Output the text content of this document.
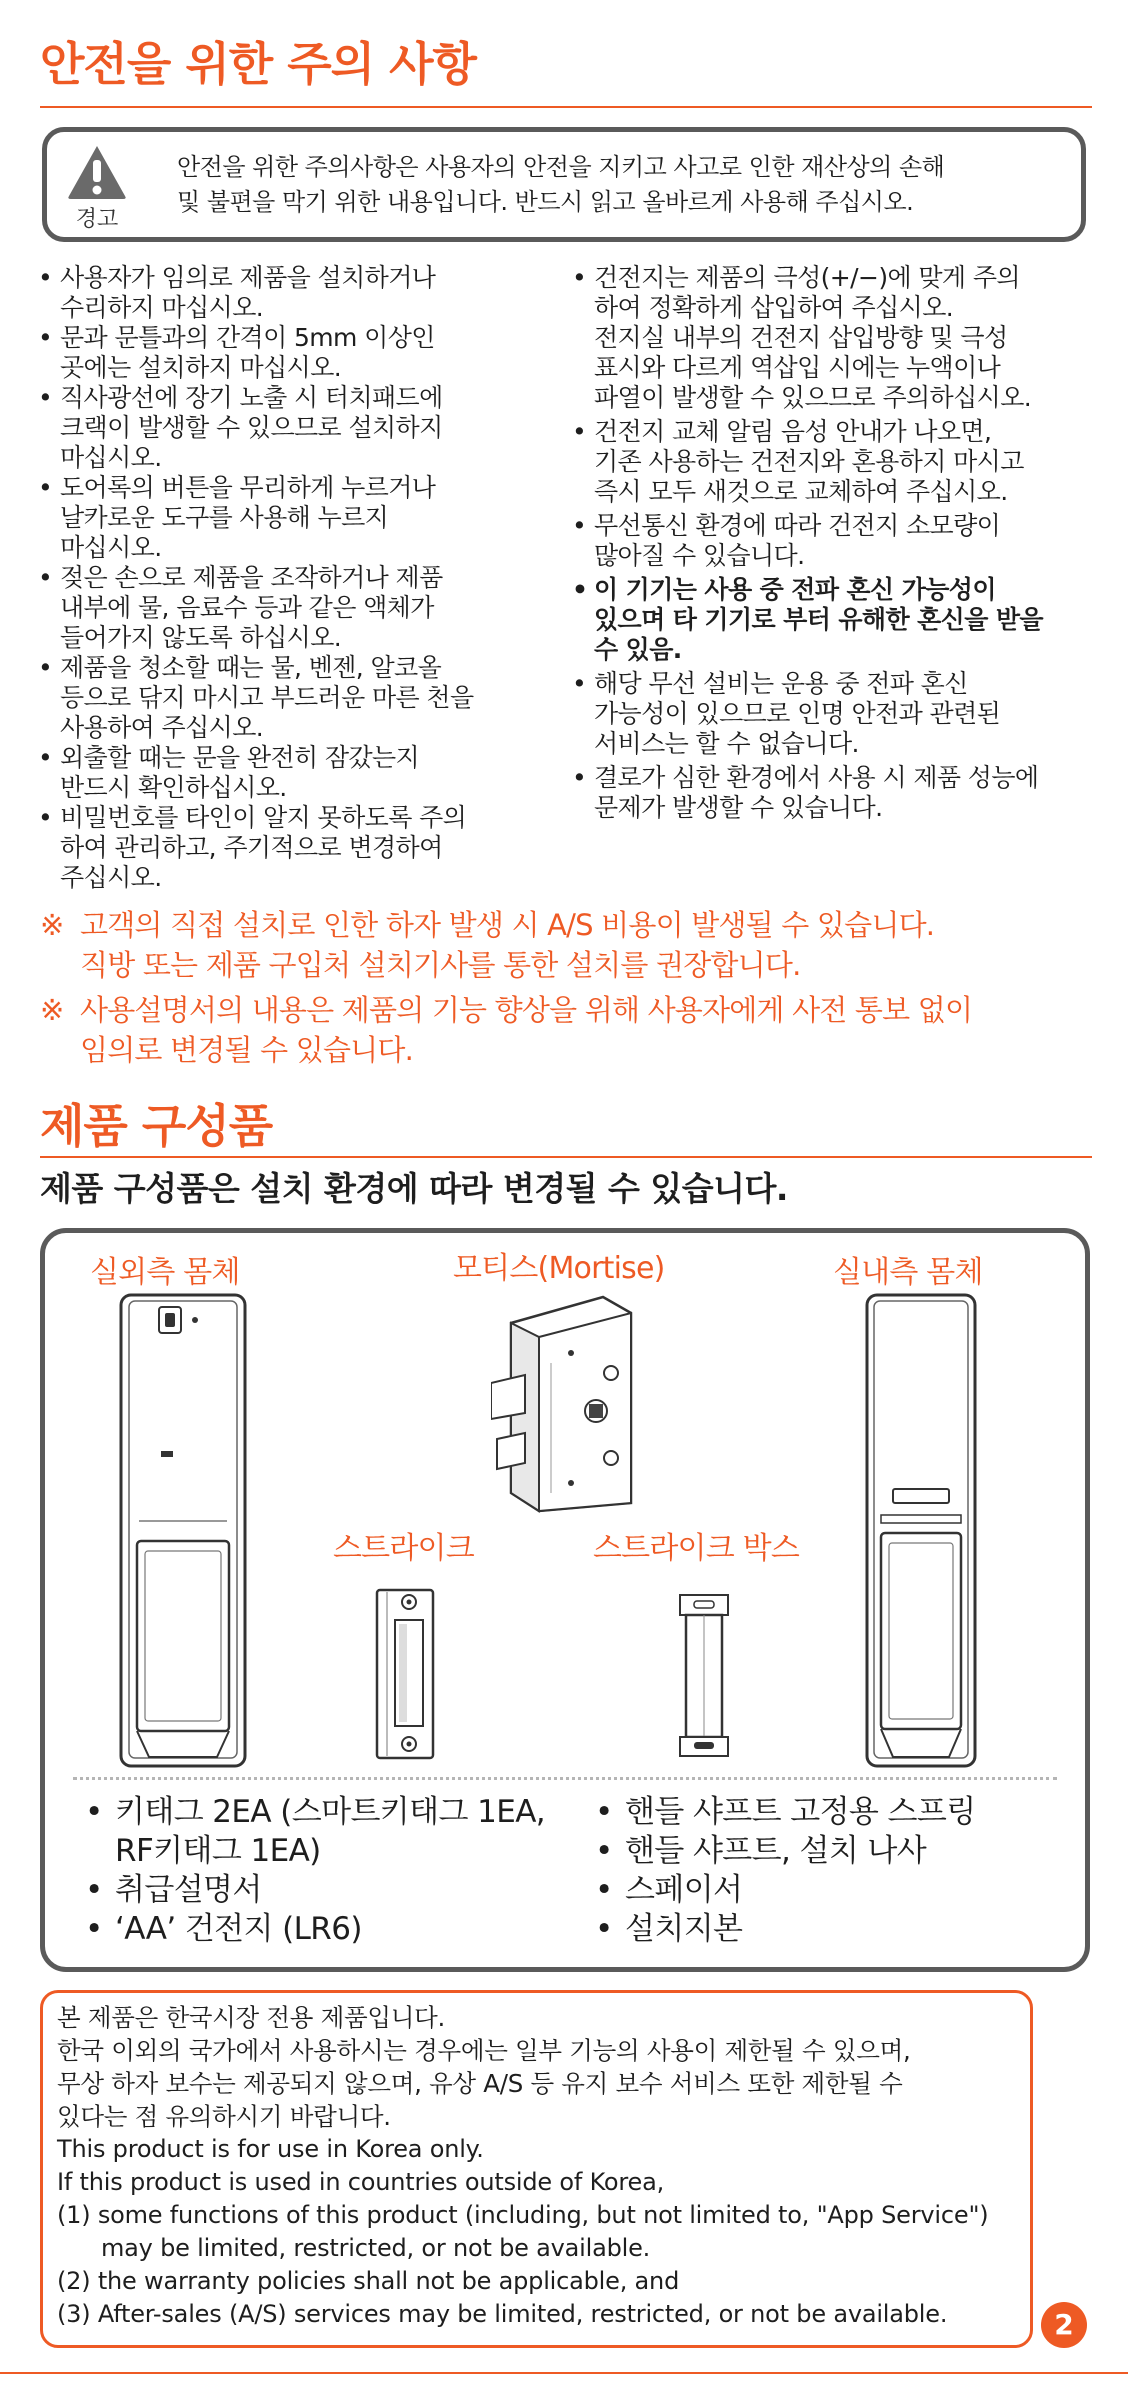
안전을 위한 주의 사항
경고
안전을 위한 주의사항은 사용자의 안전을 지키고 사고로 인한 재산상의 손해
및 불편을 막기 위한 내용입니다. 반드시 읽고 올바르게 사용해 주십시오.
• 사용자가 임의로 제품을 설치하거나
수리하지 마십시오.
• 문과 문틀과의 간격이 5mm 이상인
곳에는 설치하지 마십시오.
• 직사광선에 장기 노출 시 터치패드에
크랙이 발생할 수 있으므로 설치하지
마십시오.
• 도어록의 버튼을 무리하게 누르거나
날카로운 도구를 사용해 누르지
마십시오.
• 젖은 손으로 제품을 조작하거나 제품
내부에 물, 음료수 등과 같은 액체가
들어가지 않도록 하십시오.
• 제품을 청소할 때는 물, 벤젠, 알코올
등으로 닦지 마시고 부드러운 마른 천을
사용하여 주십시오.
• 외출할 때는 문을 완전히 잠갔는지
반드시 확인하십시오.
• 비밀번호를 타인이 알지 못하도록 주의
하여 관리하고, 주기적으로 변경하여
주십시오.
• 건전지는 제품의 극성(+/−)에 맞게 주의
하여 정확하게 삽입하여 주십시오.
전지실 내부의 건전지 삽입방향 및 극성
표시와 다르게 역삽입 시에는 누액이나
파열이 발생할 수 있으므로 주의하십시오.
• 건전지 교체 알림 음성 안내가 나오면,
기존 사용하는 건전지와 혼용하지 마시고
즉시 모두 새것으로 교체하여 주십시오.
• 무선통신 환경에 따라 건전지 소모량이
많아질 수 있습니다.
• 이 기기는 사용 중 전파 혼신 가능성이
있으며 타 기기로 부터 유해한 혼신을 받을
수 있음.
• 해당 무선 설비는 운용 중 전파 혼신
가능성이 있으므로 인명 안전과 관련된
서비스는 할 수 없습니다.
• 결로가 심한 환경에서 사용 시 제품 성능에
문제가 발생할 수 있습니다.
※ 고객의 직접 설치로 인한 하자 발생 시 A/S 비용이 발생될 수 있습니다.
직방 또는 제품 구입처 설치기사를 통한 설치를 권장합니다.
※ 사용설명서의 내용은 제품의 기능 향상을 위해 사용자에게 사전 통보 없이
임의로 변경될 수 있습니다.
제품 구성품
제품 구성품은 설치 환경에 따라 변경될 수 있습니다.
실외측 몸체	모티스(Mortise)	실내측 몸체
스트라이크	스트라이크 박스
• 키태그 2EA (스마트키태그 1EA,
RF키태그 1EA)
• 취급설명서
• ‘AA’ 건전지 (LR6)
• 핸들 샤프트 고정용 스프링
• 핸들 샤프트, 설치 나사
• 스페이서
• 설치지본
본 제품은 한국시장 전용 제품입니다.
한국 이외의 국가에서 사용하시는 경우에는 일부 기능의 사용이 제한될 수 있으며,
무상 하자 보수는 제공되지 않으며, 유상 A/S 등 유지 보수 서비스 또한 제한될 수
있다는 점 유의하시기 바랍니다.
This product is for use in Korea only.
If this product is used in countries outside of Korea,
(1) some functions of this product (including, but not limited to, "App Service")
may be limited, restricted, or not be available.
(2) the warranty policies shall not be applicable, and
(3) After-sales (A/S) services may be limited, restricted, or not be available.	2
